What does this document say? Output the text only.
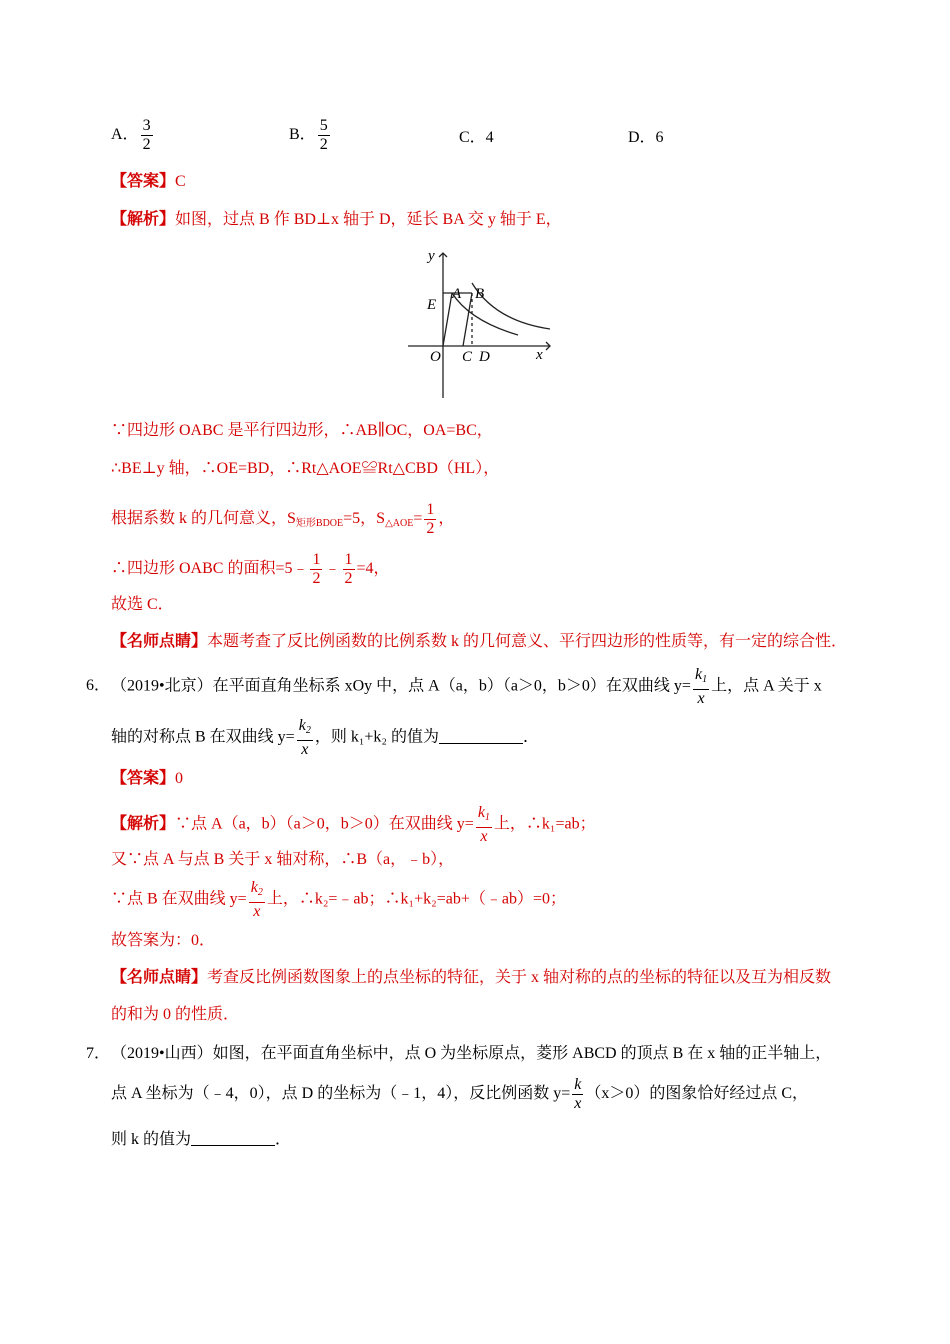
A． $\frac{3}{2}$	B． $\frac{5}{2}$	C．4	D．6
【答案】C
【解析】如图，过点 B 作 BD⊥x 轴于 D，延长 BA 交 y 轴于 E，
y
E
A B
O C D	x
∵四边形 OABC 是平行四边形，∴AB∥OC，OA=BC，
∴BE⊥y 轴，∴OE=BD，∴Rt△AOE≌Rt△CBD（HL），
根据系数 k 的几何意义，$S_{矩形BDOE}=5$，$S_{\triangle AOE}= \frac{1}{2}$ ，
∴四边形 OABC 的面积=5﹣ $\frac{1}{2}$ ﹣ $\frac{1}{2} =4$，
故选 C．
【名师点睛】本题考查了反比例函数的比例系数 k 的几何意义、平行四边形的性质等，有一定的综合性．
6． （2019•北京）在平面直角坐标系 xOy 中，点 A（a，b）（a＞0，b＞0）在双曲线 $y= \frac{k_1}{x}$ 上，点 A 关于 x
轴的对称点 B 在双曲线 $y= \frac{k_2}{x}$ ，则 k₁+k₂ 的值为	．
【答案】0
【解析】∵点 A（a，b）（a＞0，b＞0）在双曲线 $y= \frac{k_1}{x}$ 上，∴k₁=ab；
又∵点 A 与点 B 关于 x 轴对称，∴B（a，﹣b），
∵点 B 在双曲线 $y= \frac{k_2}{x}$ 上，∴k₂=﹣ab；∴k₁+k₂=ab+（﹣ab）=0；
故答案为：0．
【名师点睛】考查反比例函数图象上的点坐标的特征，关于 x 轴对称的点的坐标的特征以及互为相反数
的和为 0 的性质．
7． （2019•山西）如图，在平面直角坐标中，点 O 为坐标原点，菱形 ABCD 的顶点 B 在 x 轴的正半轴上，
点 A 坐标为（﹣4，0），点 D 的坐标为（﹣1，4），反比例函数 $y= \frac{k}{x} (x>0)$的图象恰好经过点 C，
则 k 的值为	．
